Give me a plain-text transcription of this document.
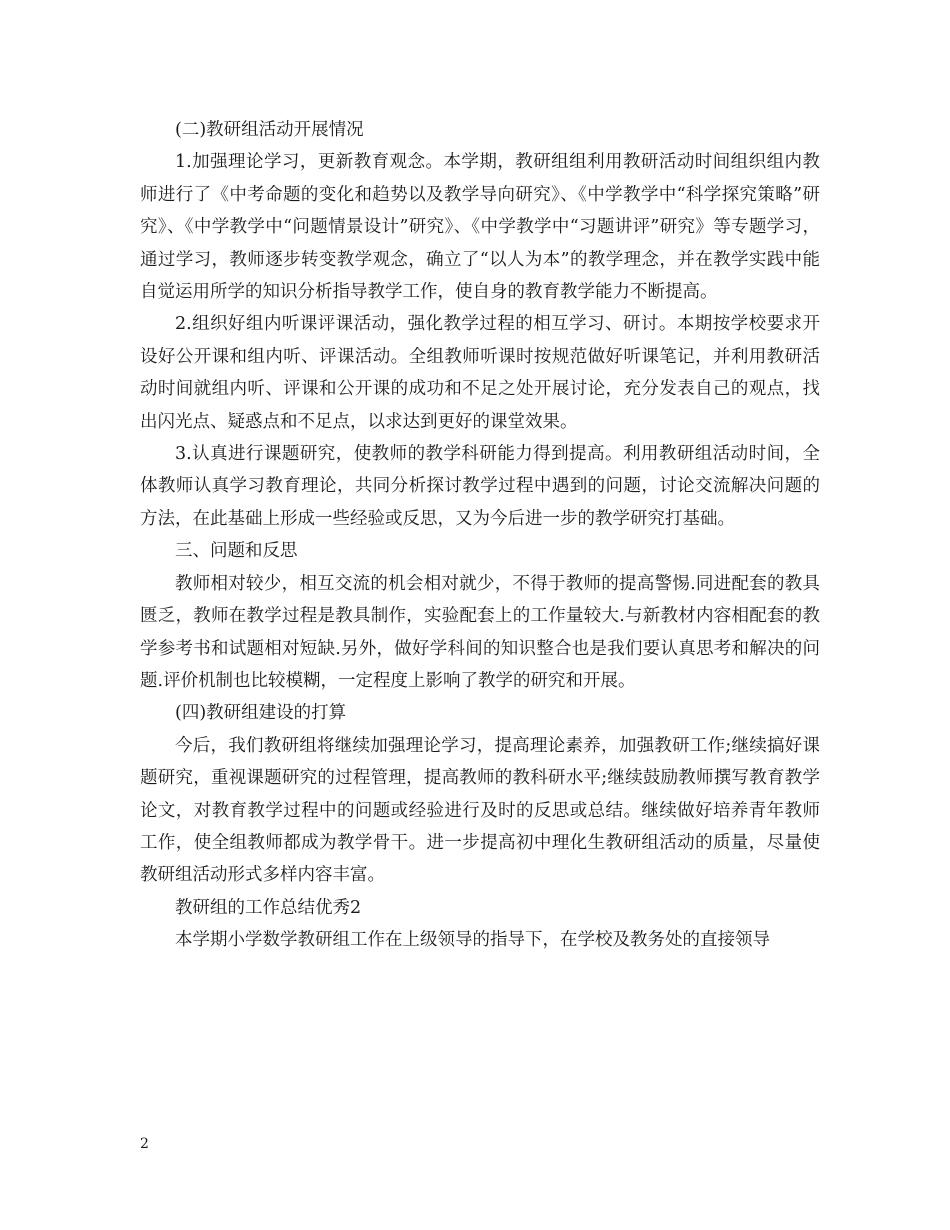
(二)教研组活动开展情况

1.加强理论学习，更新教育观念。本学期，教研组组利用教研活动时间组织组内教师进行了《中考命题的变化和趋势以及教学导向研究》、《中学教学中“科学探究策略”研究》、《中学教学中“问题情景设计”研究》、《中学教学中“习题讲评”研究》等专题学习，通过学习，教师逐步转变教学观念，确立了“以人为本”的教学理念，并在教学实践中能自觉运用所学的知识分析指导教学工作，使自身的教育教学能力不断提高。

2.组织好组内听课评课活动，强化教学过程的相互学习、研讨。本期按学校要求开设好公开课和组内听、评课活动。全组教师听课时按规范做好听课笔记，并利用教研活动时间就组内听、评课和公开课的成功和不足之处开展讨论，充分发表自己的观点，找出闪光点、疑惑点和不足点，以求达到更好的课堂效果。

3.认真进行课题研究，使教师的教学科研能力得到提高。利用教研组活动时间，全体教师认真学习教育理论，共同分析探讨教学过程中遇到的问题，讨论交流解决问题的方法，在此基础上形成一些经验或反思，又为今后进一步的教学研究打基础。

三、问题和反思

教师相对较少，相互交流的机会相对就少，不得于教师的提高警惕.同进配套的教具匮乏，教师在教学过程是教具制作，实验配套上的工作量较大.与新教材内容相配套的教学参考书和试题相对短缺.另外，做好学科间的知识整合也是我们要认真思考和解决的问题.评价机制也比较模糊，一定程度上影响了教学的研究和开展。

(四)教研组建设的打算

今后，我们教研组将继续加强理论学习，提高理论素养，加强教研工作;继续搞好课题研究，重视课题研究的过程管理，提高教师的教科研水平;继续鼓励教师撰写教育教学论文，对教育教学过程中的问题或经验进行及时的反思或总结。继续做好培养青年教师工作，使全组教师都成为教学骨干。进一步提高初中理化生教研组活动的质量，尽量使教研组活动形式多样内容丰富。

教研组的工作总结优秀2

本学期小学数学教研组工作在上级领导的指导下，在学校及教务处的直接领导

2
